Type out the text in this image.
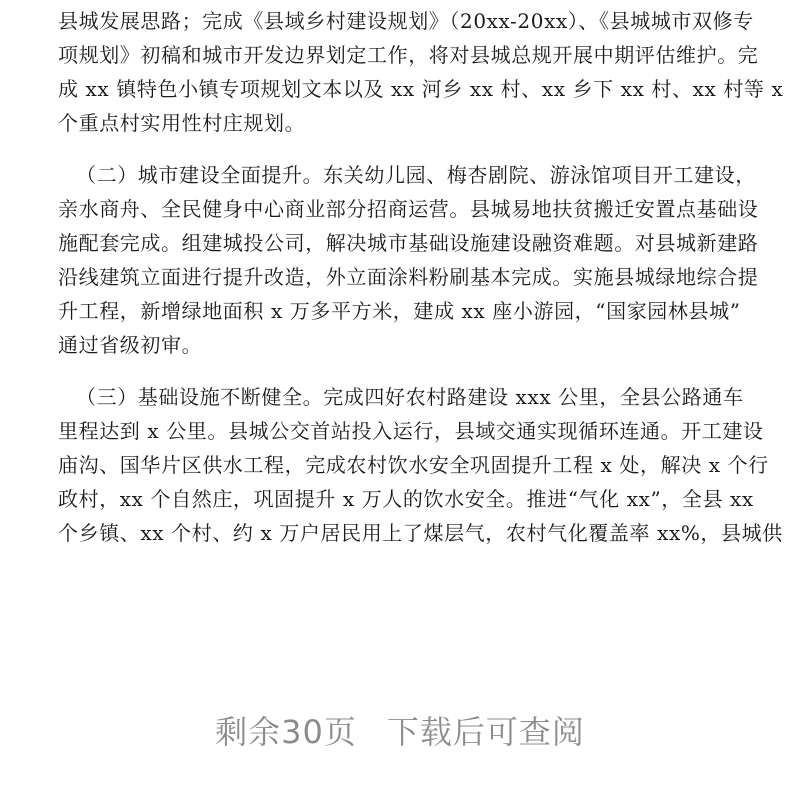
县城发展思路；完成《县域乡村建设规划》（20xx-20xx）、《县城城市双修专
项规划》初稿和城市开发边界划定工作，将对县城总规开展中期评估维护。完
成 xx 镇特色小镇专项规划文本以及 xx 河乡 xx 村、xx 乡下 xx 村、xx 村等 x
个重点村实用性村庄规划。

（二）城市建设全面提升。东关幼儿园、梅杏剧院、游泳馆项目开工建设，
亲水商舟、全民健身中心商业部分招商运营。县城易地扶贫搬迁安置点基础设
施配套完成。组建城投公司，解决城市基础设施建设融资难题。对县城新建路
沿线建筑立面进行提升改造，外立面涂料粉刷基本完成。实施县城绿地综合提
升工程，新增绿地面积 x 万多平方米，建成 xx 座小游园，“国家园林县城”
通过省级初审。

（三）基础设施不断健全。完成四好农村路建设 xxx 公里，全县公路通车
里程达到 x 公里。县城公交首站投入运行，县域交通实现循环连通。开工建设
庙沟、国华片区供水工程，完成农村饮水安全巩固提升工程 x 处，解决 x 个行
政村，xx 个自然庄，巩固提升 x 万人的饮水安全。推进“气化 xx”，全县 xx
个乡镇、xx 个村、约 x 万户居民用上了煤层气，农村气化覆盖率 xx%，县城供

剩余30页 下载后可查阅
